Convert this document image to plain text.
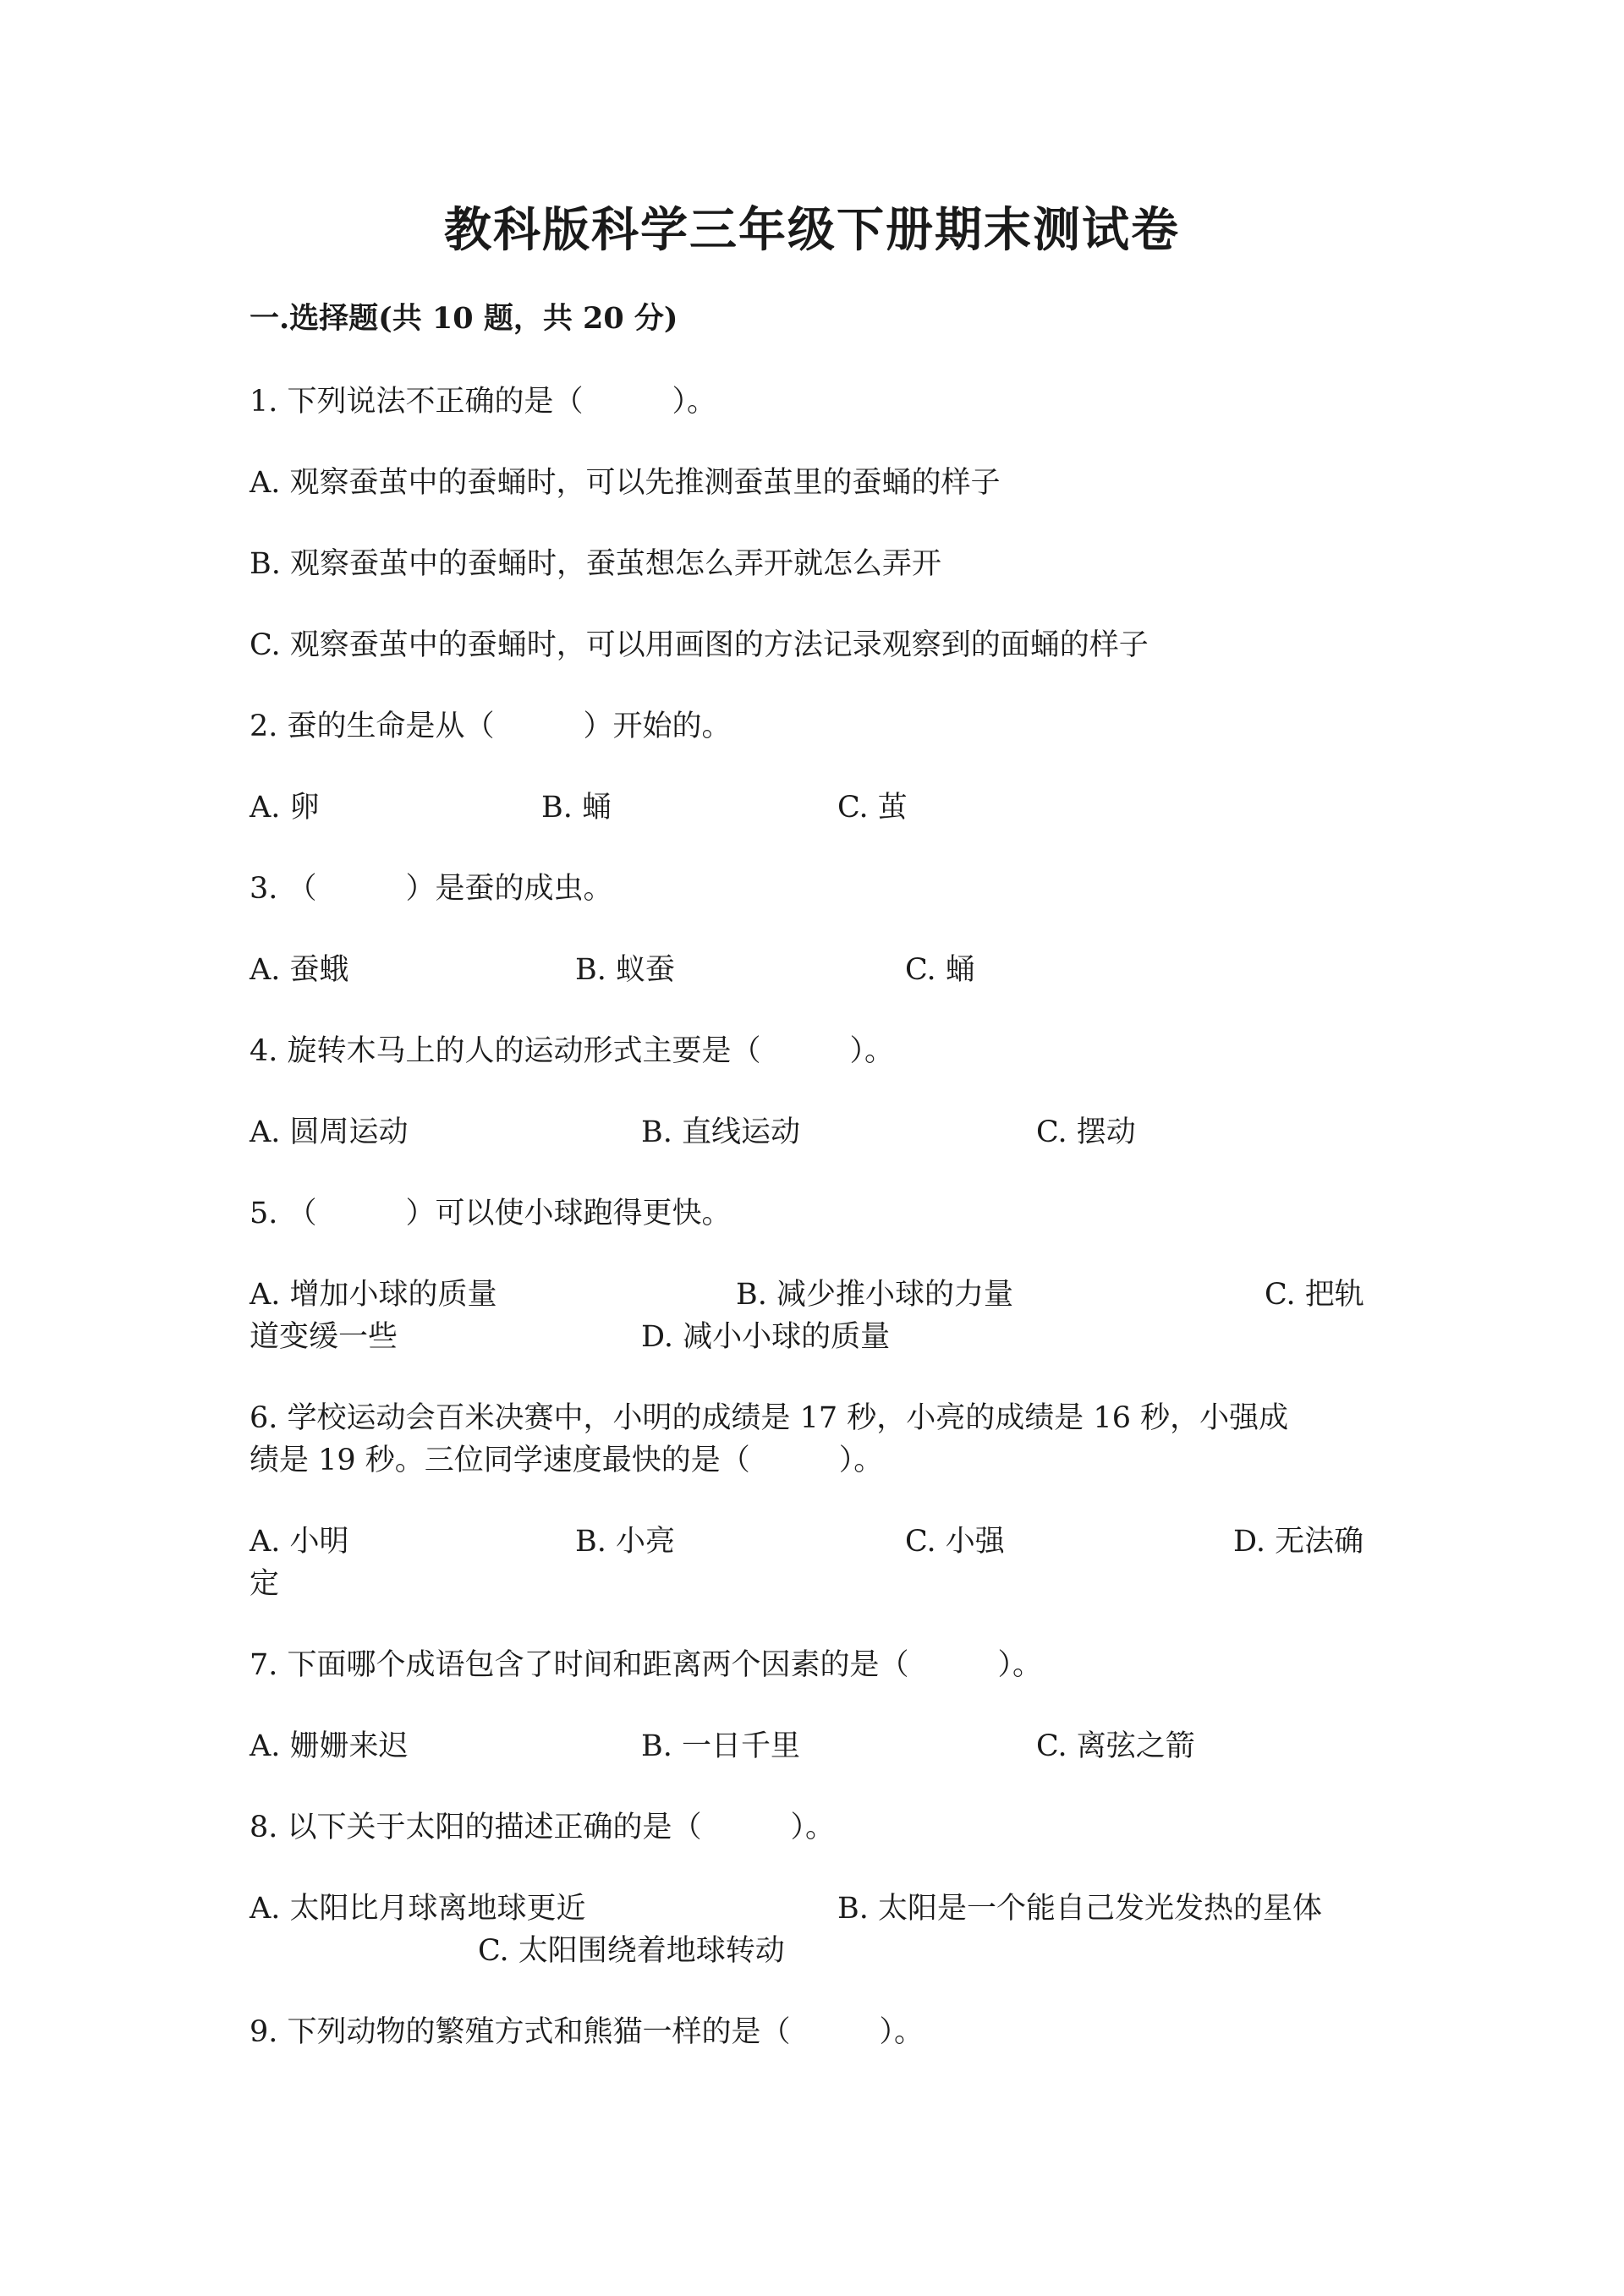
教科版科学三年级下册期末测试卷
一.选择题(共 10 题，共 20 分)
1. 下列说法不正确的是（　　　）。
A. 观察蚕茧中的蚕蛹时，可以先推测蚕茧里的蚕蛹的样子
B. 观察蚕茧中的蚕蛹时，蚕茧想怎么弄开就怎么弄开
C. 观察蚕茧中的蚕蛹时，可以用画图的方法记录观察到的面蛹的样子
2. 蚕的生命是从（　　　）开始的。
A. 卵	B. 蛹	C. 茧
3. （　　　）是蚕的成虫。
A. 蚕蛾	B. 蚁蚕	C. 蛹
4. 旋转木马上的人的运动形式主要是（　　　）。
A. 圆周运动	B. 直线运动	C. 摆动
5. （　　　）可以使小球跑得更快。
A. 增加小球的质量	B. 减少推小球的力量	C. 把轨
道变缓一些	D. 减小小球的质量
6. 学校运动会百米决赛中，小明的成绩是 17 秒，小亮的成绩是 16 秒，小强成
绩是 19 秒。三位同学速度最快的是（　　　）。
A. 小明	B. 小亮	C. 小强	D. 无法确
定
7. 下面哪个成语包含了时间和距离两个因素的是（　　　）。
A. 姗姗来迟	B. 一日千里	C. 离弦之箭
8. 以下关于太阳的描述正确的是（　　　）。
A. 太阳比月球离地球更近	B. 太阳是一个能自己发光发热的星体
C. 太阳围绕着地球转动
9. 下列动物的繁殖方式和熊猫一样的是（　　　）。
